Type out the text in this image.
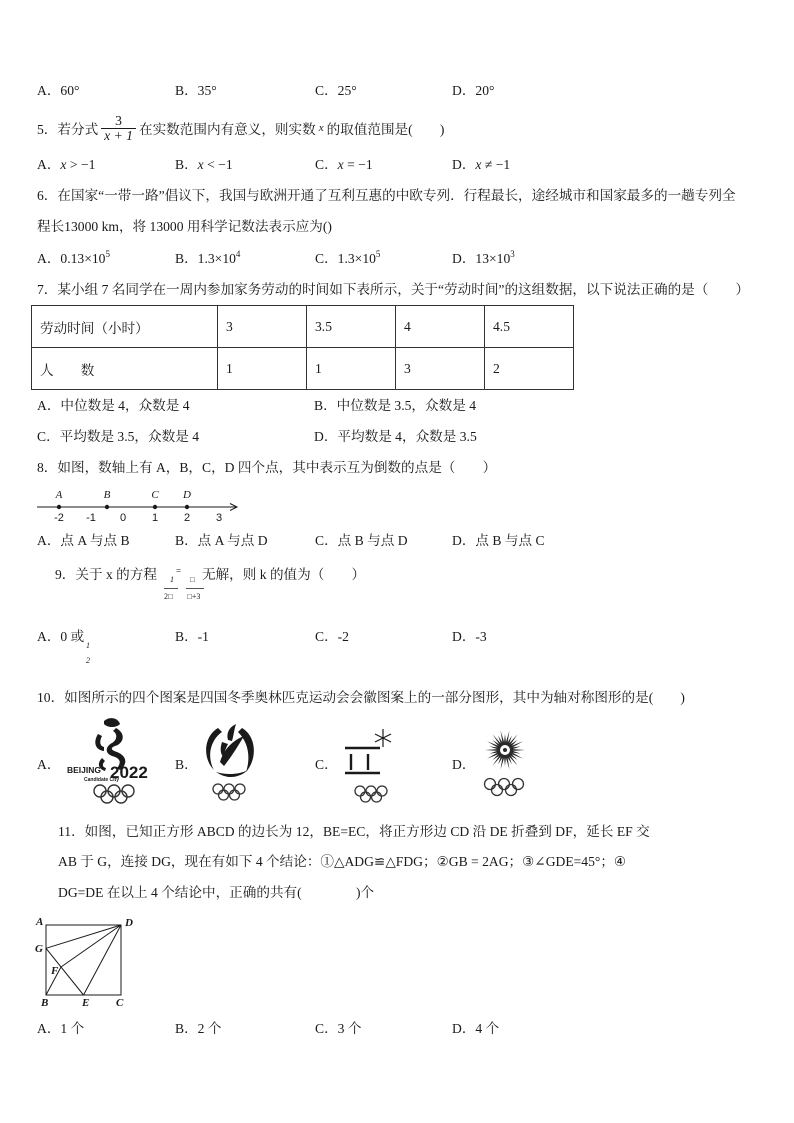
A．60°	B．35°	C．25°	D．20°
5．若分式 $\frac{3}{x + 1}$ 在实数范围内有意义，则实数 x 的取值范围是(　　)
A．x > −1	B．x < −1	C．x = −1	D．x ≠ −1
6．在国家“一带一路”倡议下，我国与欧洲开通了互利互惠的中欧专列．行程最长，途经城市和国家最多的一趟专列全
程长13000 km，将 13000 用科学记数法表示应为()
A．$0.13\times 10^5$	B．$1.3\times 10^4$	C．$1.3\times 10^5$	D．$13\times 10^3$
7．某小组 7 名同学在一周内参加家务劳动的时间如下表所示，关于“劳动时间”的这组数据，以下说法正确的是（　　）
劳动时间（小时）	3	3.5	4	4.5
人　　数	1	1	3	2
A．中位数是 4，众数是 4	B．中位数是 3.5，众数是 4
C．平均数是 3.5，众数是 4	D．平均数是 4，众数是 3.5
8．如图，数轴上有 A，B，C，D 四个点，其中表示互为倒数的点是（　　）
-2 -1 0 1 2 3
A	B	C D
A．点 A 与点 B	B．点 A 与点 D	C．点 B 与点 D	D．点 B 与点 C
9．关于 x 的方程 1
2□
=
□
□+3
无解，则 k 的值为（　　）
A．0 或
1
2
B．-1	C．-2	D．-3
10．如图所示的四个图案是四国冬季奥林匹克运动会会徽图案上的一部分图形，其中为轴对称图形的是(　　)
A．	B．	C．	D．
BEIJING 2022
Candidate City
11．如图，已知正方形 ABCD 的边长为 12，BE=EC，将正方形边 CD 沿 DE 折叠到 DF，延长 EF 交
AB 于 G，连接 DG，现在有如下 4 个结论：①△ADG≌△FDG；②GB = 2AG；③∠GDE=45°；④
DG=DE 在以上 4 个结论中，正确的共有(　　　　)个
A	D
G
F
B	E C
A．1 个	B．2 个	C．3 个	D．4 个
